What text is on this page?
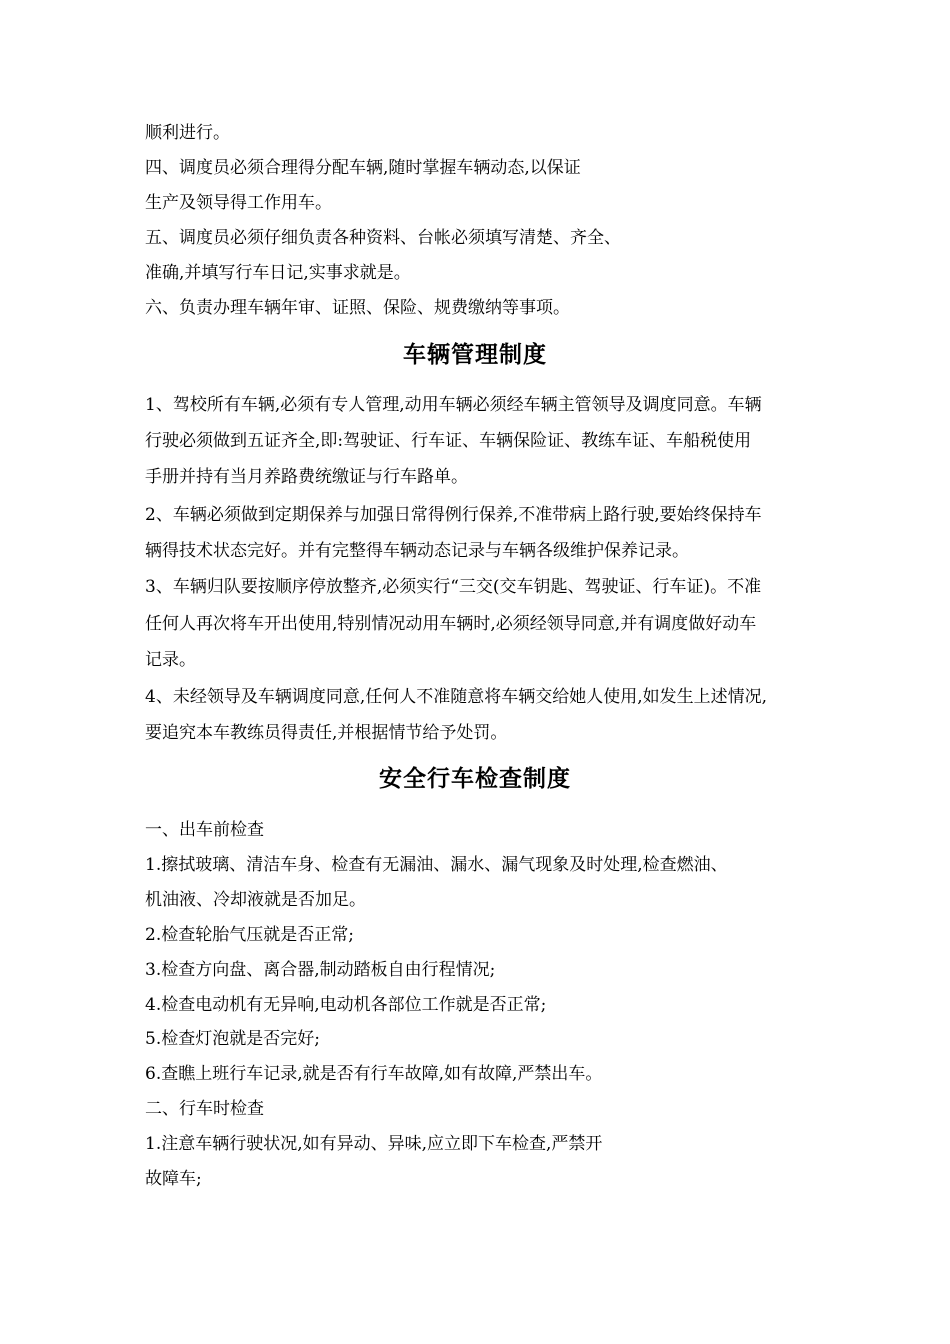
顺利进行。

四、调度员必须合理得分配车辆,随时掌握车辆动态,以保证

生产及领导得工作用车。

五、调度员必须仔细负责各种资料、台帐必须填写清楚、齐全、

准确,并填写行车日记,实事求就是。

六、负责办理车辆年审、证照、保险、规费缴纳等事项。

车辆管理制度

1、驾校所有车辆,必须有专人管理,动用车辆必须经车辆主管领导及调度同意。车辆

行驶必须做到五证齐全,即:驾驶证、行车证、车辆保险证、教练车证、车船税使用

手册并持有当月养路费统缴证与行车路单。

2、车辆必须做到定期保养与加强日常得例行保养,不准带病上路行驶,要始终保持车

辆得技术状态完好。并有完整得车辆动态记录与车辆各级维护保养记录。

3、车辆归队要按顺序停放整齐,必须实行“三交(交车钥匙、驾驶证、行车证)。不准

任何人再次将车开出使用,特别情况动用车辆时,必须经领导同意,并有调度做好动车

记录。

4、未经领导及车辆调度同意,任何人不准随意将车辆交给她人使用,如发生上述情况,

要追究本车教练员得责任,并根据情节给予处罚。

安全行车检查制度

一、出车前检查

1.擦拭玻璃、清洁车身、检查有无漏油、漏水、漏气现象及时处理,检查燃油、

机油液、冷却液就是否加足。

2.检查轮胎气压就是否正常;

3.检查方向盘、离合器,制动踏板自由行程情况;

4.检查电动机有无异响,电动机各部位工作就是否正常;

5.检查灯泡就是否完好;

6.查瞧上班行车记录,就是否有行车故障,如有故障,严禁出车。

二、行车时检查

1.注意车辆行驶状况,如有异动、异味,应立即下车检查,严禁开

故障车;
